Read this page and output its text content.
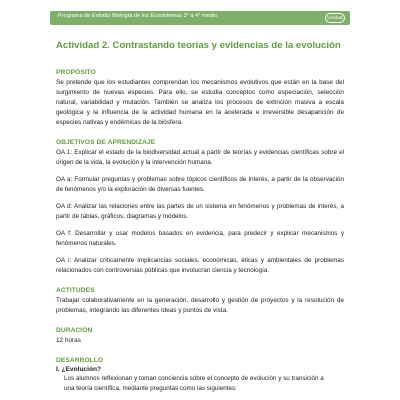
Programa de Estudio Biología de los Ecosistemas 3° a 4° medio	Unidad 1
Actividad 2. Contrastando teorías y evidencias de la evolución
PROPÓSITO

Se pretende que los estudiantes comprendan los mecanismos evolutivos que están en la base del surgimiento de nuevas especies. Para ello, se estudia conceptos como especiación, selección natural, variabilidad y mutación. También se analiza los procesos de extinción masiva a escala geológica y la influencia de la actividad humana en la acelerada e irreversible desaparición de especies nativas y endémicas de la biósfera.

OBJETIVOS DE APRENDIZAJE

OA 1: Explicar el estado de la biodiversidad actual a partir de teorías y evidencias científicas sobre el origen de la vida, la evolución y la intervención humana.

OA a: Formular preguntas y problemas sobre tópicos científicos de interés, a partir de la observación de fenómenos y/o la exploración de diversas fuentes.

OA d: Analizar las relaciones entre las partes de un sistema en fenómenos y problemas de interés, a partir de tablas, gráficos, diagramas y modelos.

OA f: Desarrollar y usar modelos basados en evidencia, para predecir y explicar mecanismos y fenómenos naturales.

OA i: Analizar críticamente implicancias sociales, económicas, éticas y ambientales de problemas relacionados con controversias públicas que involucran ciencia y tecnología.

ACTITUDES

Trabajar colaborativamente en la generación, desarrollo y gestión de proyectos y la resolución de problemas, integrando las diferentes ideas y puntos de vista.

DURACIÓN

12 horas

DESARROLLO
I. ¿Evolución?

Los alumnos reflexionan y toman conciencia sobre el concepto de evolución y su transición a

una teoría científica, mediante preguntas como las siguientes:
